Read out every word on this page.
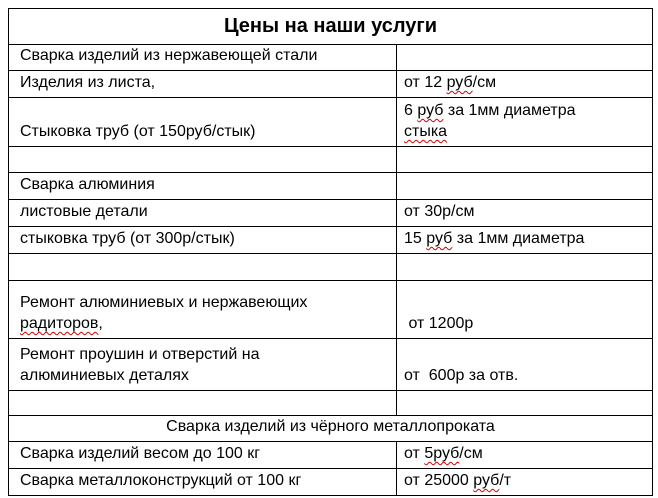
Цены на наши услуги	

Сварка изделий из нержавеющей стали	

Изделия из листа,	от 12 руб/см

Стыковка труб (от 150руб/стык)	6 руб за 1мм диаметра
стыка

Сварка алюминия	

листовые детали	от 30р/см

стыковка труб (от 300р/стык)	15 руб за 1мм диаметра

Ремонт алюминиевых и нержавеющих
радиторов,	от 1200р

Ремонт проушин и отверстий на
алюминиевых деталях	от  600р за отв.

Сварка изделий из чёрного металлопроката	

Сварка изделий весом до 100 кг	от 5руб/см

Сварка металлоконструкций от 100 кг	от 25000 руб/т
